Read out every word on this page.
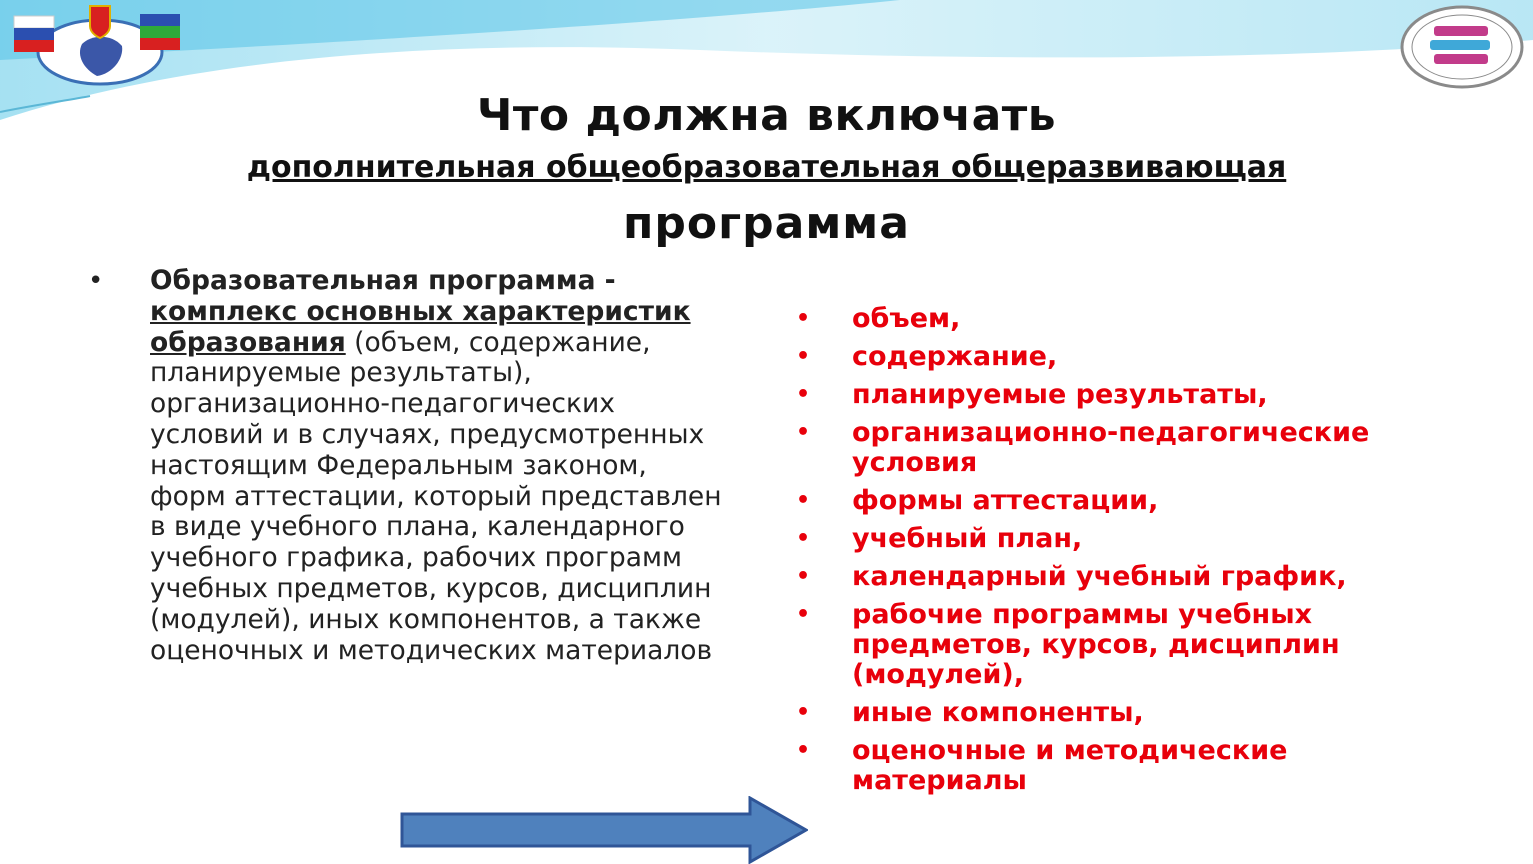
Что должна включать
дополнительная общеобразовательная общеразвивающая
программа
• Образовательная программа - комплекс основных характеристик образования (объем, содержание, планируемые результаты), организационно-педагогических условий и в случаях, предусмотренных настоящим Федеральным законом, форм аттестации, который представлен в виде учебного плана, календарного учебного графика, рабочих программ учебных предметов, курсов, дисциплин (модулей), иных компонентов, а также оценочных и методических материалов
• объем,
• содержание,
• планируемые результаты,
• организационно-педагогические условия
• формы аттестации,
• учебный план,
• календарный учебный график,
• рабочие программы учебных предметов, курсов, дисциплин (модулей),
• иные компоненты,
• оценочные и методические материалы
